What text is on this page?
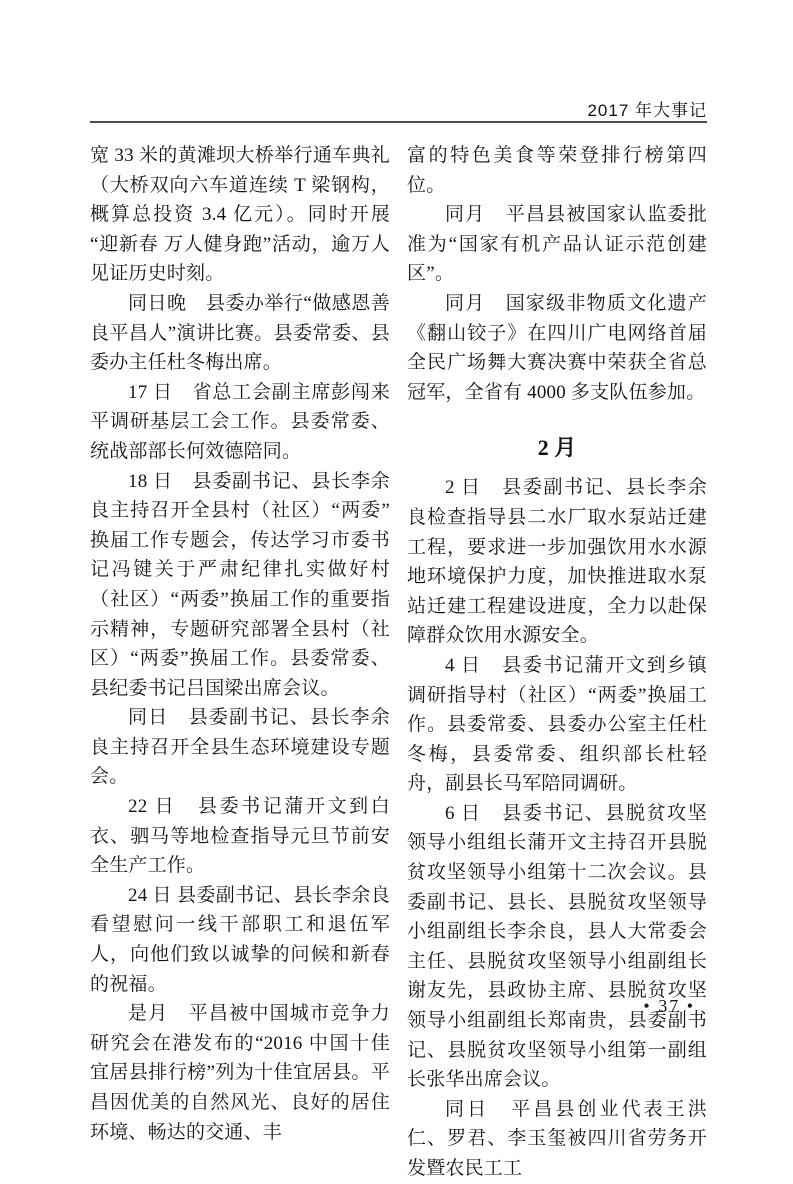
2017 年大事记

宽 33 米的黄滩坝大桥举行通车典礼（大桥双向六车道连续 T 梁钢构，概算总投资 3.4 亿元）。同时开展“迎新春 万人健身跑”活动，逾万人见证历史时刻。

同日晚　县委办举行“做感恩善良平昌人”演讲比赛。县委常委、县委办主任杜冬梅出席。

17 日　省总工会副主席彭闯来平调研基层工会工作。县委常委、统战部部长何效德陪同。

18 日　县委副书记、县长李余良主持召开全县村（社区）“两委”换届工作专题会，传达学习市委书记冯键关于严肃纪律扎实做好村（社区）“两委”换届工作的重要指示精神，专题研究部署全县村（社区）“两委”换届工作。县委常委、县纪委书记吕国梁出席会议。

同日　县委副书记、县长李余良主持召开全县生态环境建设专题会。

22 日　县委书记蒲开文到白衣、驷马等地检查指导元旦节前安全生产工作。

24 日 县委副书记、县长李余良看望慰问一线干部职工和退伍军人，向他们致以诚挚的问候和新春的祝福。

是月　平昌被中国城市竞争力研究会在港发布的“2016 中国十佳宜居县排行榜”列为十佳宜居县。平昌因优美的自然风光、良好的居住环境、畅达的交通、丰

富的特色美食等荣登排行榜第四位。

同月　平昌县被国家认监委批准为“国家有机产品认证示范创建区”。

同月　国家级非物质文化遗产《翻山铰子》在四川广电网络首届全民广场舞大赛决赛中荣获全省总冠军，全省有 4000 多支队伍参加。

2 月

2 日　县委副书记、县长李余良检查指导县二水厂取水泵站迁建工程，要求进一步加强饮用水水源地环境保护力度，加快推进取水泵站迁建工程建设进度，全力以赴保障群众饮用水源安全。

4 日　县委书记蒲开文到乡镇调研指导村（社区）“两委”换届工作。县委常委、县委办公室主任杜冬梅，县委常委、组织部长杜轻舟，副县长马军陪同调研。

6 日　县委书记、县脱贫攻坚领导小组组长蒲开文主持召开县脱贫攻坚领导小组第十二次会议。县委副书记、县长、县脱贫攻坚领导小组副组长李余良，县人大常委会主任、县脱贫攻坚领导小组副组长谢友先，县政协主席、县脱贫攻坚领导小组副组长郑南贵，县委副书记、县脱贫攻坚领导小组第一副组长张华出席会议。

同日　平昌县创业代表王洪仁、罗君、李玉玺被四川省劳务开发暨农民工工

• 37 •
